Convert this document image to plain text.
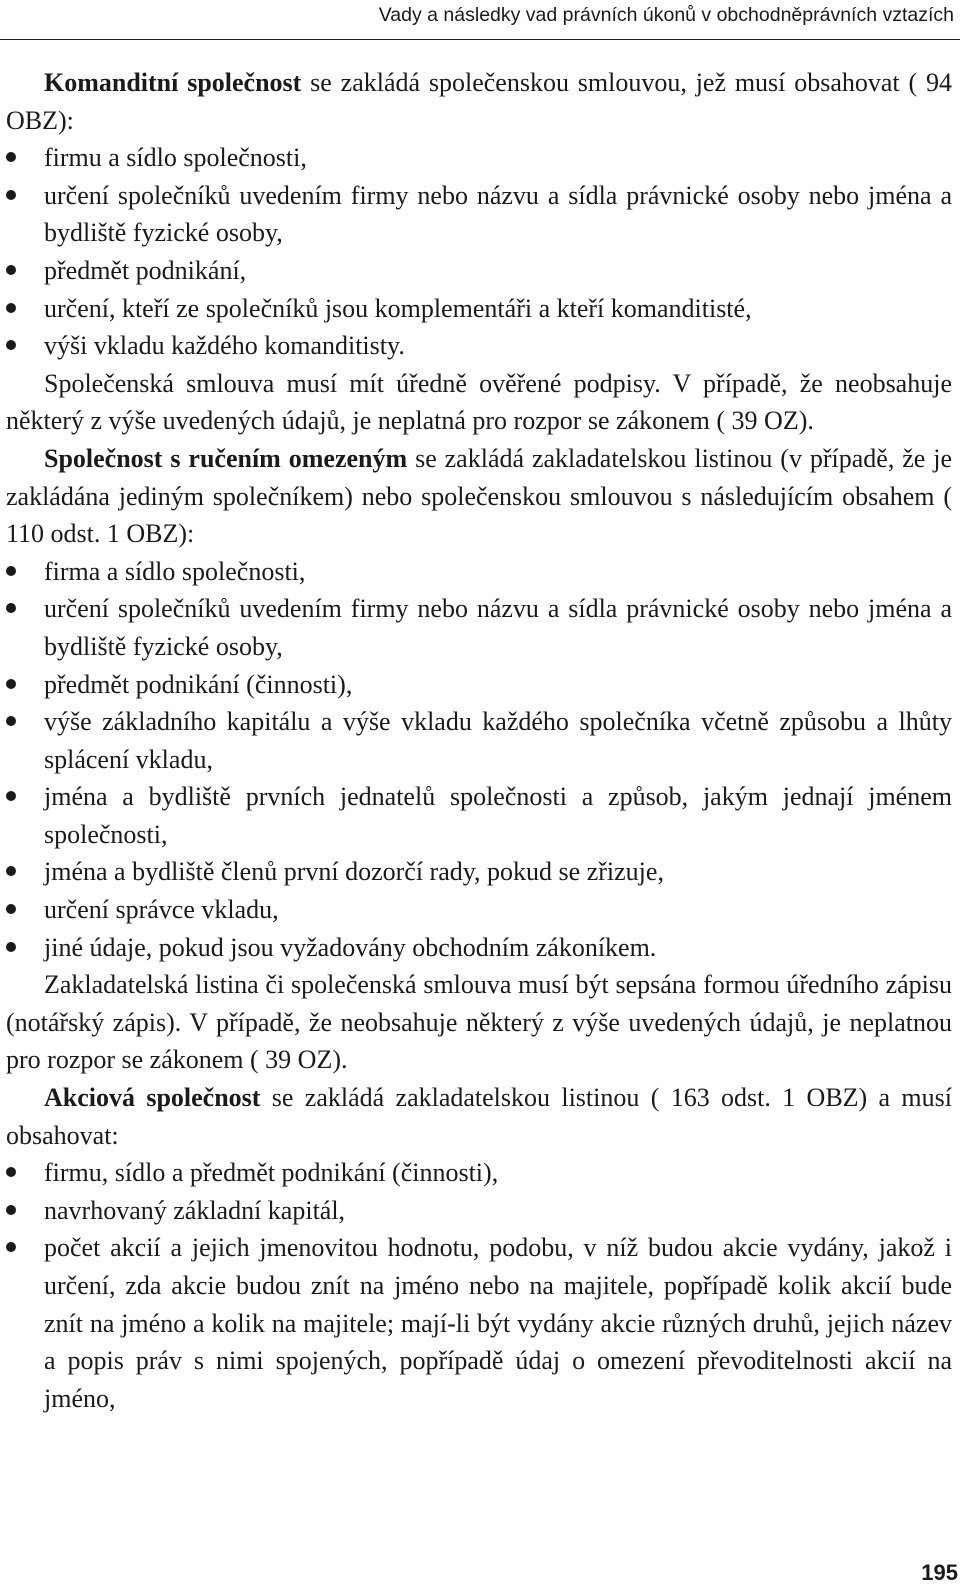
Vady a následky vad právních úkonů v obchodněprávních vztazích

Komanditní společnost se zakládá společenskou smlouvou, jež musí obsahovat ( 94 OBZ):

firmu a sídlo společnosti,
určení společníků uvedením firmy nebo názvu a sídla právnické osoby nebo jména a bydliště fyzické osoby,
předmět podnikání,
určení, kteří ze společníků jsou komplementáři a kteří komanditisté,
výši vkladu každého komanditisty.

Společenská smlouva musí mít úředně ověřené podpisy. V případě, že neobsahuje některý z výše uvedených údajů, je neplatná pro rozpor se zákonem ( 39 OZ).

Společnost s ručením omezeným se zakládá zakladatelskou listinou (v případě, že je zakládána jediným společníkem) nebo společenskou smlouvou s následujícím obsahem ( 110 odst. 1 OBZ):

firma a sídlo společnosti,
určení společníků uvedením firmy nebo názvu a sídla právnické osoby nebo jména a bydliště fyzické osoby,
předmět podnikání (činnosti),
výše základního kapitálu a výše vkladu každého společníka včetně způsobu a lhůty splácení vkladu,
jména a bydliště prvních jednatelů společnosti a způsob, jakým jednají jménem společnosti,
jména a bydliště členů první dozorčí rady, pokud se zřizuje,
určení správce vkladu,
jiné údaje, pokud jsou vyžadovány obchodním zákoníkem.

Zakladatelská listina či společenská smlouva musí být sepsána formou úředního zápisu (notářský zápis). V případě, že neobsahuje některý z výše uvedených údajů, je neplatnou pro rozpor se zákonem ( 39 OZ).

Akciová společnost se zakládá zakladatelskou listinou ( 163 odst. 1 OBZ) a musí obsahovat:

firmu, sídlo a předmět podnikání (činnosti),
navrhovaný základní kapitál,
počet akcií a jejich jmenovitou hodnotu, podobu, v níž budou akcie vydány, jakož i určení, zda akcie budou znít na jméno nebo na majitele, popřípadě kolik akcií bude znít na jméno a kolik na majitele; mají-li být vydány akcie různých druhů, jejich název a popis práv s nimi spojených, popřípadě údaj o omezení převoditelnosti akcií na jméno,
195
